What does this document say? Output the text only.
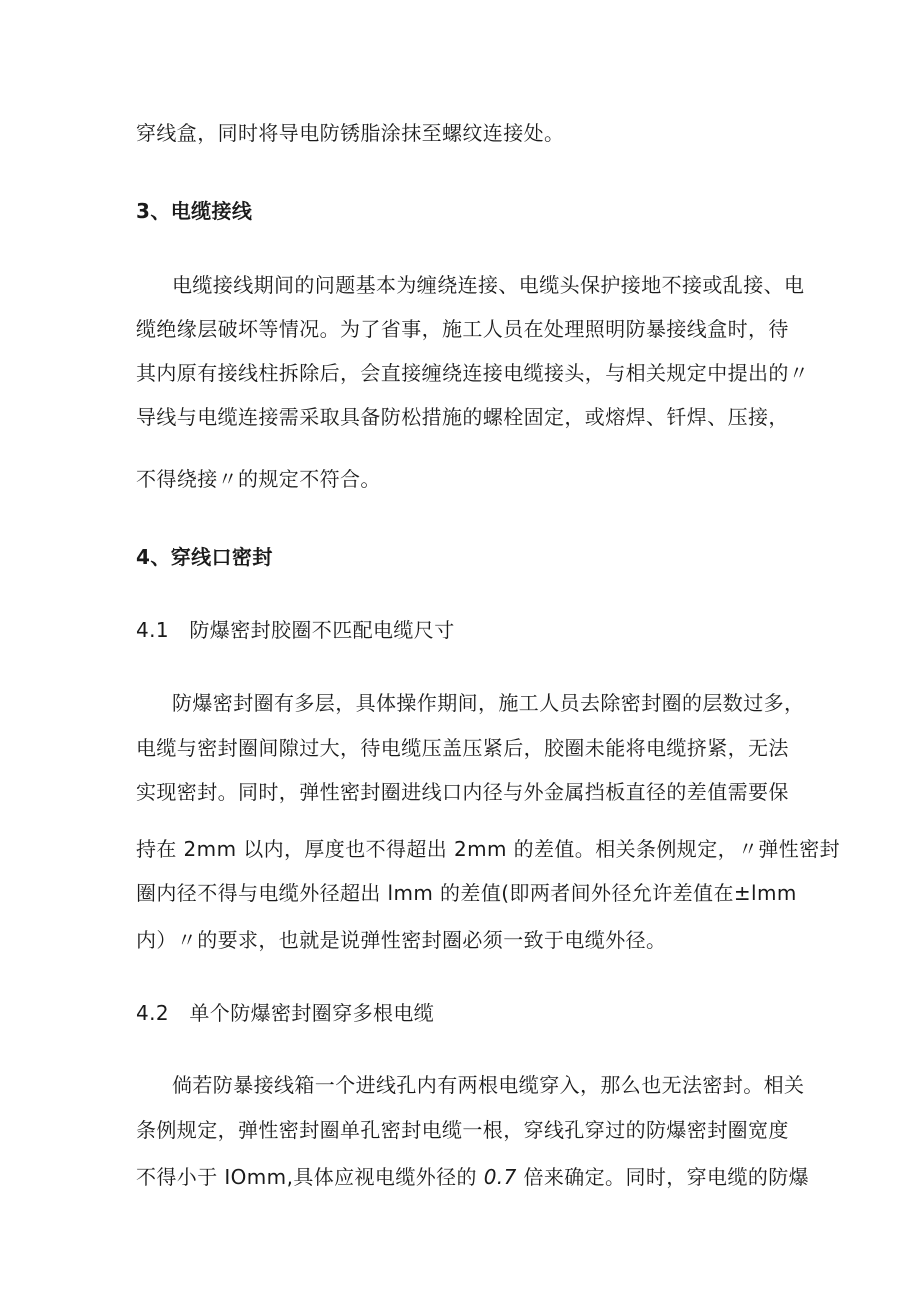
穿线盒，同时将导电防锈脂涂抹至螺纹连接处。
3、电缆接线
电缆接线期间的问题基本为缠绕连接、电缆头保护接地不接或乱接、电
缆绝缘层破坏等情况。为了省事，施工人员在处理照明防暴接线盒时，待
其内原有接线柱拆除后，会直接缠绕连接电缆接头，与相关规定中提出的〃
导线与电缆连接需采取具备防松措施的螺栓固定，或熔焊、钎焊、压接，
不得绕接〃的规定不符合。
4、穿线口密封
4.1　防爆密封胶圈不匹配电缆尺寸
防爆密封圈有多层，具体操作期间，施工人员去除密封圈的层数过多，
电缆与密封圈间隙过大，待电缆压盖压紧后，胶圈未能将电缆挤紧，无法
实现密封。同时，弹性密封圈进线口内径与外金属挡板直径的差值需要保
持在 2mm 以内，厚度也不得超出 2mm 的差值。相关条例规定，〃弹性密封
圈内径不得与电缆外径超出 lmm 的差值(即两者间外径允许差值在±lmm
内）〃的要求，也就是说弹性密封圈必须一致于电缆外径。
4.2　单个防爆密封圈穿多根电缆
倘若防暴接线箱一个进线孔内有两根电缆穿入，那么也无法密封。相关
条例规定，弹性密封圈单孔密封电缆一根，穿线孔穿过的防爆密封圈宽度
不得小于 IOmm,具体应视电缆外径的 0.7 倍来确定。同时，穿电缆的防爆
